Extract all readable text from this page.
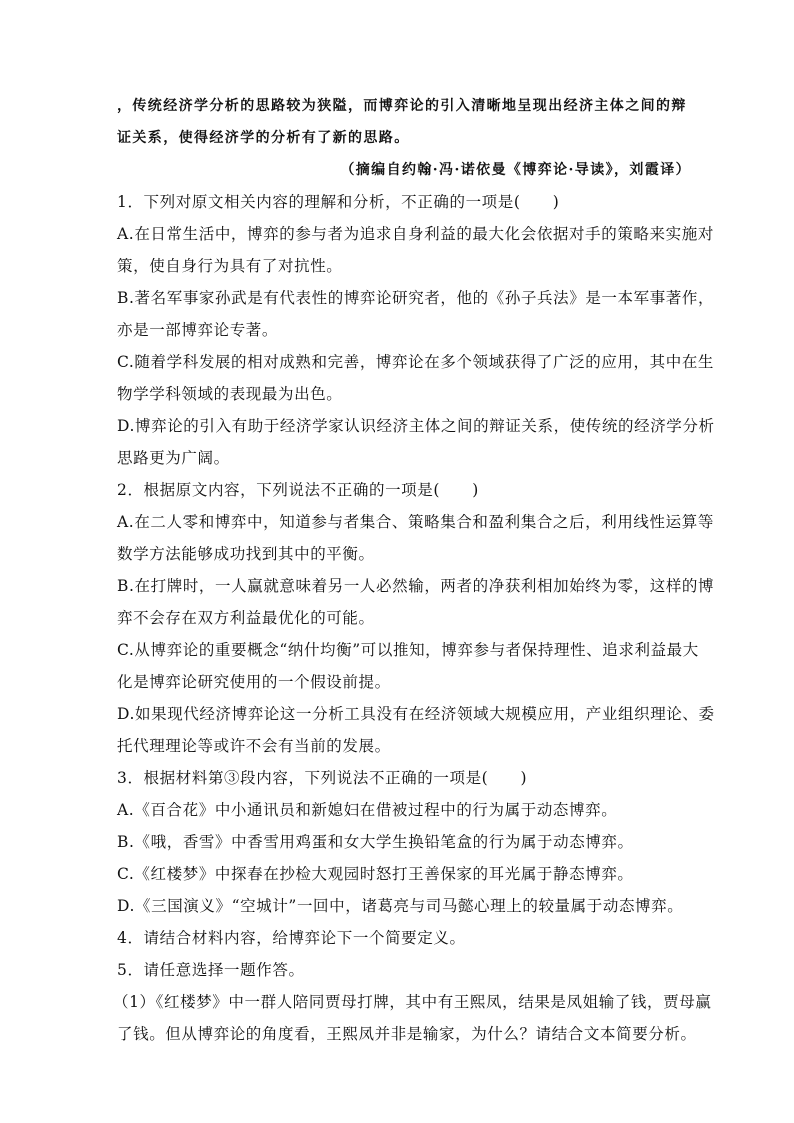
，传统经济学分析的思路较为狭隘，而博弈论的引入清晰地呈现出经济主体之间的辩
证关系，使得经济学的分析有了新的思路。
（摘编自约翰·冯·诺依曼《博弈论·导读》，刘霞译）
1．下列对原文相关内容的理解和分析，不正确的一项是(　　)
A.在日常生活中，博弈的参与者为追求自身利益的最大化会依据对手的策略来实施对
策，使自身行为具有了对抗性。
B.著名军事家孙武是有代表性的博弈论研究者，他的《孙子兵法》是一本军事著作，
亦是一部博弈论专著。
C.随着学科发展的相对成熟和完善，博弈论在多个领域获得了广泛的应用，其中在生
物学学科领域的表现最为出色。
D.博弈论的引入有助于经济学家认识经济主体之间的辩证关系，使传统的经济学分析
思路更为广阔。
2．根据原文内容，下列说法不正确的一项是(　　)
A.在二人零和博弈中，知道参与者集合、策略集合和盈利集合之后，利用线性运算等
数学方法能够成功找到其中的平衡。
B.在打牌时，一人赢就意味着另一人必然输，两者的净获利相加始终为零，这样的博
弈不会存在双方利益最优化的可能。
C.从博弈论的重要概念“纳什均衡”可以推知，博弈参与者保持理性、追求利益最大
化是博弈论研究使用的一个假设前提。
D.如果现代经济博弈论这一分析工具没有在经济领域大规模应用，产业组织理论、委
托代理理论等或许不会有当前的发展。
3．根据材料第③段内容，下列说法不正确的一项是(　　)
A.《百合花》中小通讯员和新媳妇在借被过程中的行为属于动态博弈。
B.《哦，香雪》中香雪用鸡蛋和女大学生换铅笔盒的行为属于动态博弈。
C.《红楼梦》中探春在抄检大观园时怒打王善保家的耳光属于静态博弈。
D.《三国演义》“空城计”一回中，诸葛亮与司马懿心理上的较量属于动态博弈。
4．请结合材料内容，给博弈论下一个简要定义。
5．请任意选择一题作答。
（1）《红楼梦》中一群人陪同贾母打牌，其中有王熙凤，结果是凤姐输了钱，贾母赢
了钱。但从博弈论的角度看，王熙凤并非是输家，为什么？请结合文本简要分析。
